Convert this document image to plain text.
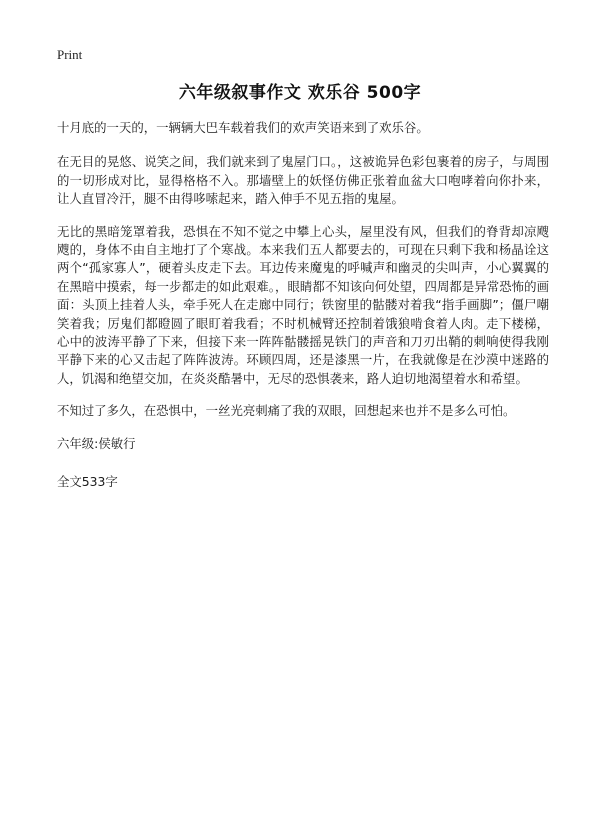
Print
六年级叙事作文 欢乐谷 500字

十月底的一天的，一辆辆大巴车载着我们的欢声笑语来到了欢乐谷。

在无目的晃悠、说笑之间，我们就来到了鬼屋门口。，这被诡异色彩包裹着的房子，与周围的一切形成对比，显得格格不入。那墙壁上的妖怪仿佛正张着血盆大口咆哮着向你扑来，让人直冒冷汗，腿不由得哆嗦起来，踏入伸手不见五指的鬼屋。

无比的黑暗笼罩着我，恐惧在不知不觉之中攀上心头，屋里没有风，但我们的脊背却凉飕飕的，身体不由自主地打了个寒战。本来我们五人都要去的，可现在只剩下我和杨晶诠这两个“孤家寡人”，硬着头皮走下去。耳边传来魔鬼的呼喊声和幽灵的尖叫声，小心翼翼的在黑暗中摸索，每一步都走的如此艰难。，眼睛都不知该向何处望，四周都是异常恐怖的画面：头顶上挂着人头，牵手死人在走廊中同行；铁窗里的骷髅对着我“指手画脚”；僵尸嘲笑着我；厉鬼们都瞪圆了眼盯着我看；不时机械臂还控制着饿狼啃食着人肉。走下楼梯，心中的波涛平静了下来，但接下来一阵阵骷髅摇晃铁门的声音和刀刃出鞘的刺响使得我刚平静下来的心又击起了阵阵波涛。环顾四周，还是漆黑一片，在我就像是在沙漠中迷路的人，饥渴和绝望交加，在炎炎酷暑中，无尽的恐惧袭来，路人迫切地渴望着水和希望。

不知过了多久，在恐惧中，一丝光亮刺痛了我的双眼，回想起来也并不是多么可怕。

六年级:侯敏行
全文533字
